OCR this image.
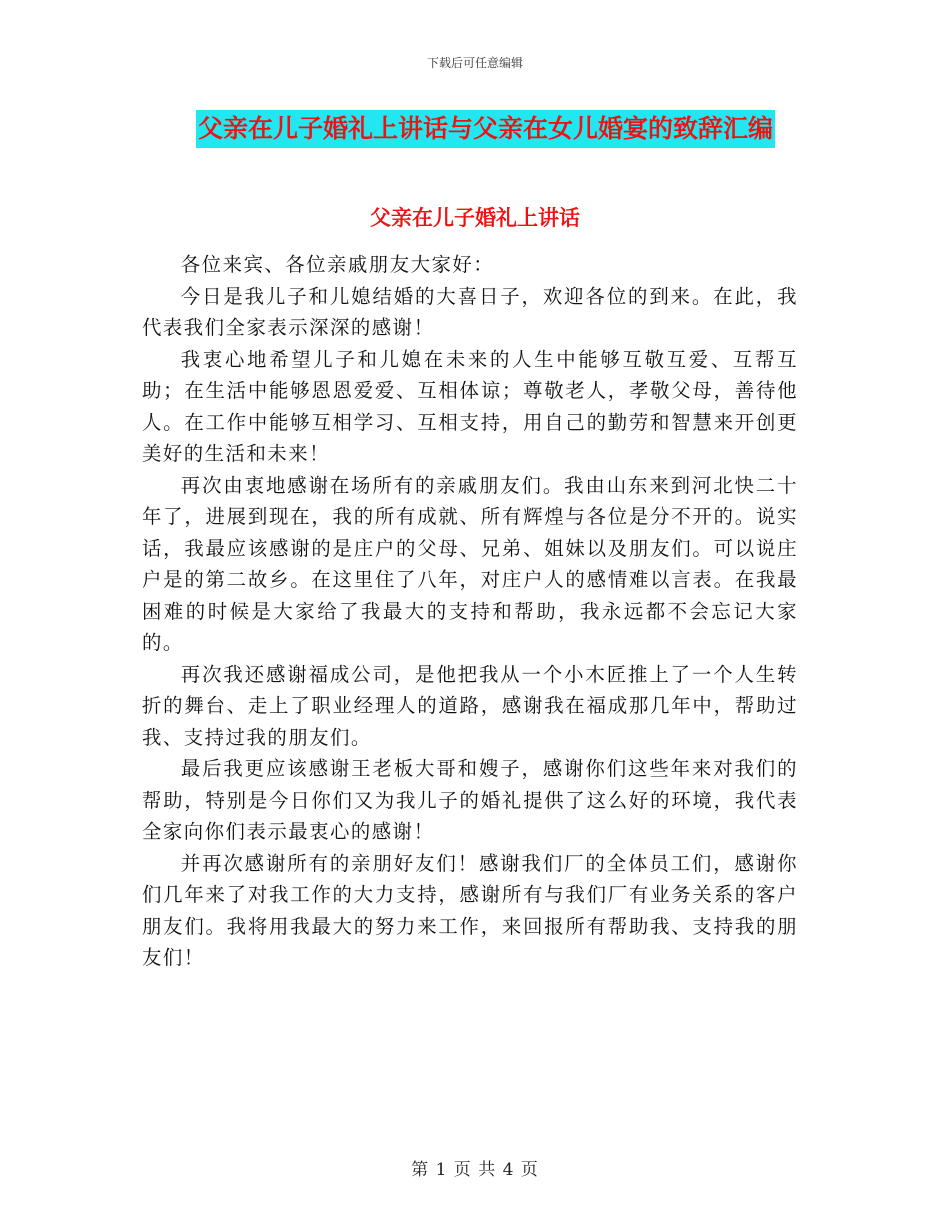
下载后可任意编辑
父亲在儿子婚礼上讲话与父亲在女儿婚宴的致辞汇编
父亲在儿子婚礼上讲话

各位来宾、各位亲戚朋友大家好：

今日是我儿子和儿媳结婚的大喜日子，欢迎各位的到来。在此，我代表我们全家表示深深的感谢！

我衷心地希望儿子和儿媳在未来的人生中能够互敬互爱、互帮互助；在生活中能够恩恩爱爱、互相体谅；尊敬老人，孝敬父母，善待他人。在工作中能够互相学习、互相支持，用自己的勤劳和智慧来开创更美好的生活和未来！

再次由衷地感谢在场所有的亲戚朋友们。我由山东来到河北快二十年了，进展到现在，我的所有成就、所有辉煌与各位是分不开的。说实话，我最应该感谢的是庄户的父母、兄弟、姐妹以及朋友们。可以说庄户是的第二故乡。在这里住了八年，对庄户人的感情难以言表。在我最困难的时候是大家给了我最大的支持和帮助，我永远都不会忘记大家的。

再次我还感谢福成公司，是他把我从一个小木匠推上了一个人生转折的舞台、走上了职业经理人的道路，感谢我在福成那几年中，帮助过我、支持过我的朋友们。

最后我更应该感谢王老板大哥和嫂子，感谢你们这些年来对我们的帮助，特别是今日你们又为我儿子的婚礼提供了这么好的环境，我代表全家向你们表示最衷心的感谢！

并再次感谢所有的亲朋好友们！感谢我们厂的全体员工们，感谢你们几年来了对我工作的大力支持，感谢所有与我们厂有业务关系的客户朋友们。我将用我最大的努力来工作，来回报所有帮助我、支持我的朋友们！

第 1 页 共 4 页
